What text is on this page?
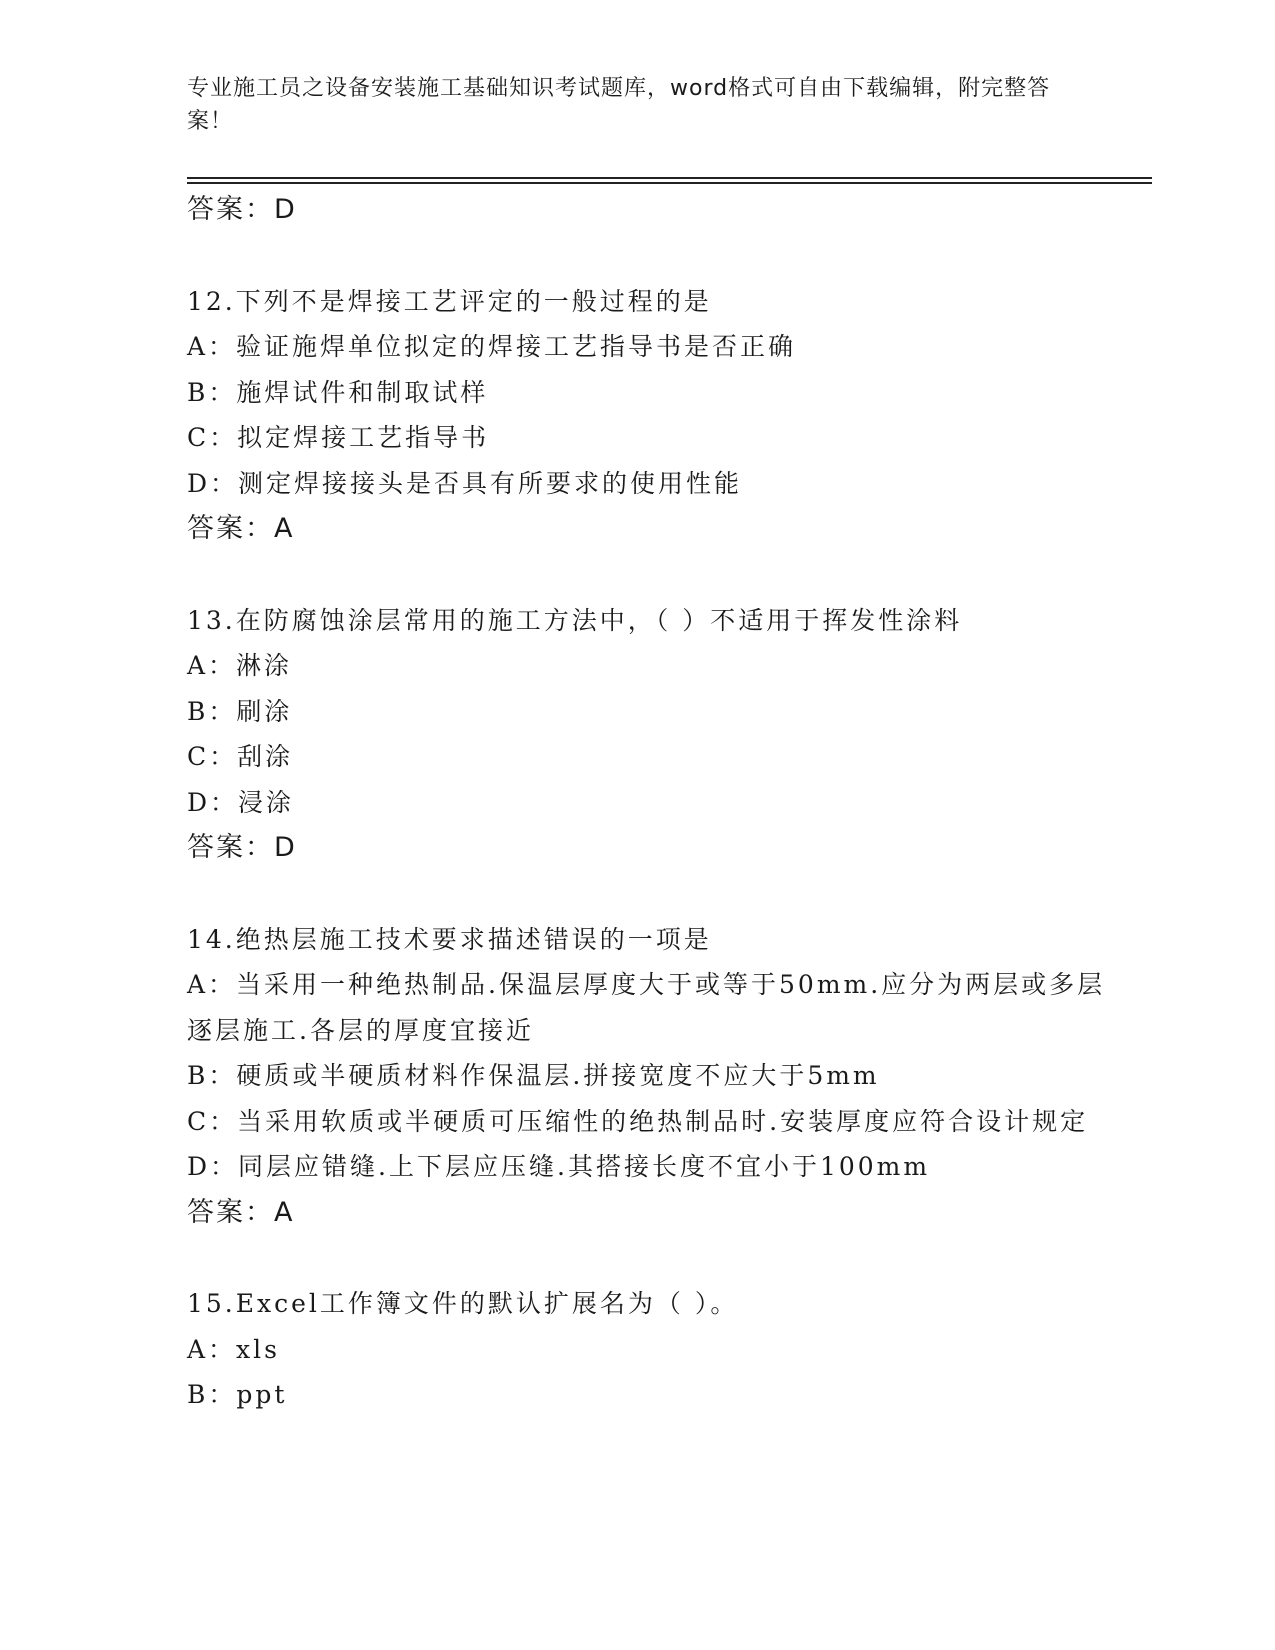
专业施工员之设备安装施工基础知识考试题库，word格式可自由下载编辑，附完整答案！
答案：D
12.下列不是焊接工艺评定的一般过程的是
A：验证施焊单位拟定的焊接工艺指导书是否正确
B：施焊试件和制取试样
C：拟定焊接工艺指导书
D：测定焊接接头是否具有所要求的使用性能
答案：A
13.在防腐蚀涂层常用的施工方法中，（ ）不适用于挥发性涂料
A：淋涂
B：刷涂
C：刮涂
D：浸涂
答案：D
14.绝热层施工技术要求描述错误的一项是
A：当采用一种绝热制品.保温层厚度大于或等于50mm.应分为两层或多层逐层施工.各层的厚度宜接近
B：硬质或半硬质材料作保温层.拼接宽度不应大于5mm
C：当采用软质或半硬质可压缩性的绝热制品时.安装厚度应符合设计规定
D：同层应错缝.上下层应压缝.其搭接长度不宜小于100mm
答案：A
15.Excel工作簿文件的默认扩展名为（ ）。
A：xls
B：ppt
